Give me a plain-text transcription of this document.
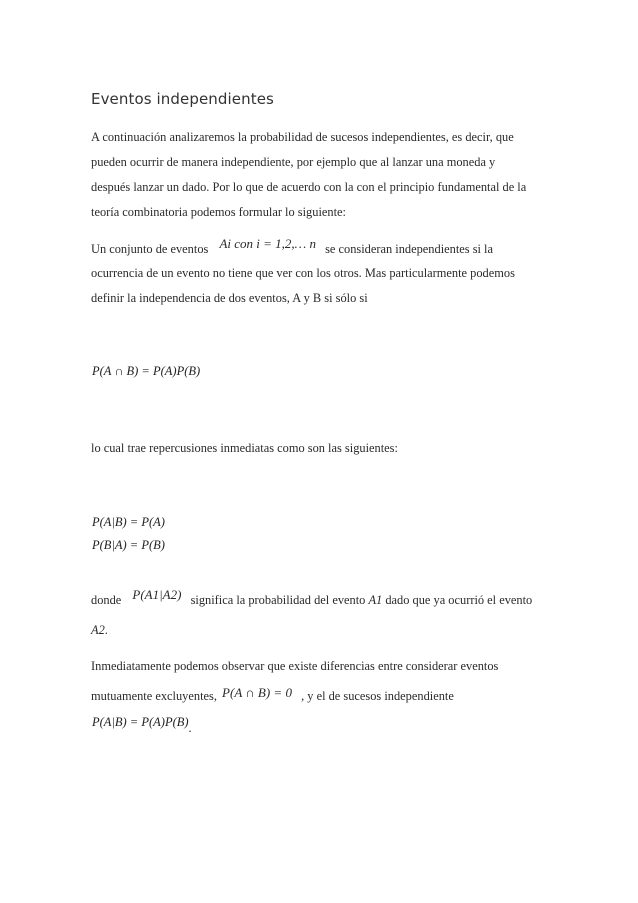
Eventos independientes
A continuación analizaremos la probabilidad de sucesos independientes, es decir, que
pueden ocurrir de manera independiente, por ejemplo que al lanzar una moneda y
después lanzar un dado. Por lo que de acuerdo con la con el principio fundamental de la
teoría combinatoria podemos formular lo siguiente:
Un conjunto de eventos Ai con i = 1,2,… n se consideran independientes si la
ocurrencia de un evento no tiene que ver con los otros. Mas particularmente podemos
definir la independencia de dos eventos, A y B si sólo si
P(A ∩ B) = P(A)P(B)
lo cual trae repercusiones inmediatas como son las siguientes:
P(A|B) = P(A)
P(B|A) = P(B)
donde P(A1|A2) significa la probabilidad del evento A1 dado que ya ocurrió el evento
A2.
Inmediatamente podemos observar que existe diferencias entre considerar eventos
mutuamente excluyentes, P(A ∩ B) = 0 , y el de sucesos independiente
P(A|B) = P(A)P(B).
